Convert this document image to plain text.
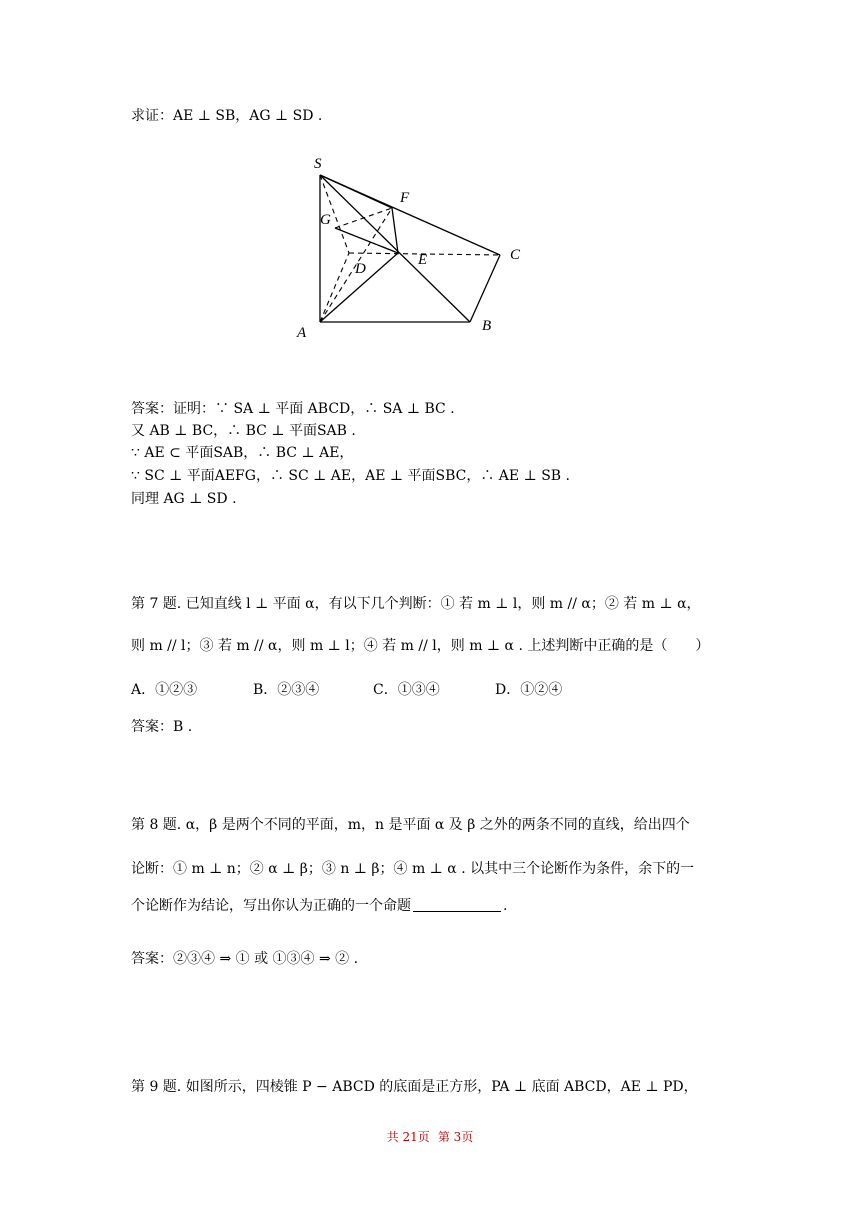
求证：AE ⊥ SB，AG ⊥ SD .
S
F
G
C
D
E
A	B
答案：证明：∵ SA ⊥ 平面 ABCD，∴ SA ⊥ BC .
又 AB ⊥ BC，∴ BC ⊥ 平面SAB .
∵ AE ⊂ 平面SAB，∴ BC ⊥ AE，
∵ SC ⊥ 平面AEFG，∴ SC ⊥ AE，AE ⊥ 平面SBC，∴ AE ⊥ SB .
同理 AG ⊥ SD .
第 7 题. 已知直线 l ⊥ 平面 α，有以下几个判断：① 若 m ⊥ l，则 m // α；② 若 m ⊥ α，
则 m // l；③ 若 m // α，则 m ⊥ l；④ 若 m // l，则 m ⊥ α . 上述判断中正确的是（　　）
A．①②③	B．②③④	C．①③④	D．①②④
答案：B .
第 8 题. α，β 是两个不同的平面，m，n 是平面 α 及 β 之外的两条不同的直线，给出四个
论断：① m ⊥ n；② α ⊥ β；③ n ⊥ β；④ m ⊥ α . 以其中三个论断作为条件，余下的一
个论断作为结论，写出你认为正确的一个命题	.
答案：②③④ ⇒ ① 或 ①③④ ⇒ ② .
第 9 题. 如图所示，四棱锥 P − ABCD 的底面是正方形，PA ⊥ 底面 ABCD，AE ⊥ PD，
共 21页 第 3页
